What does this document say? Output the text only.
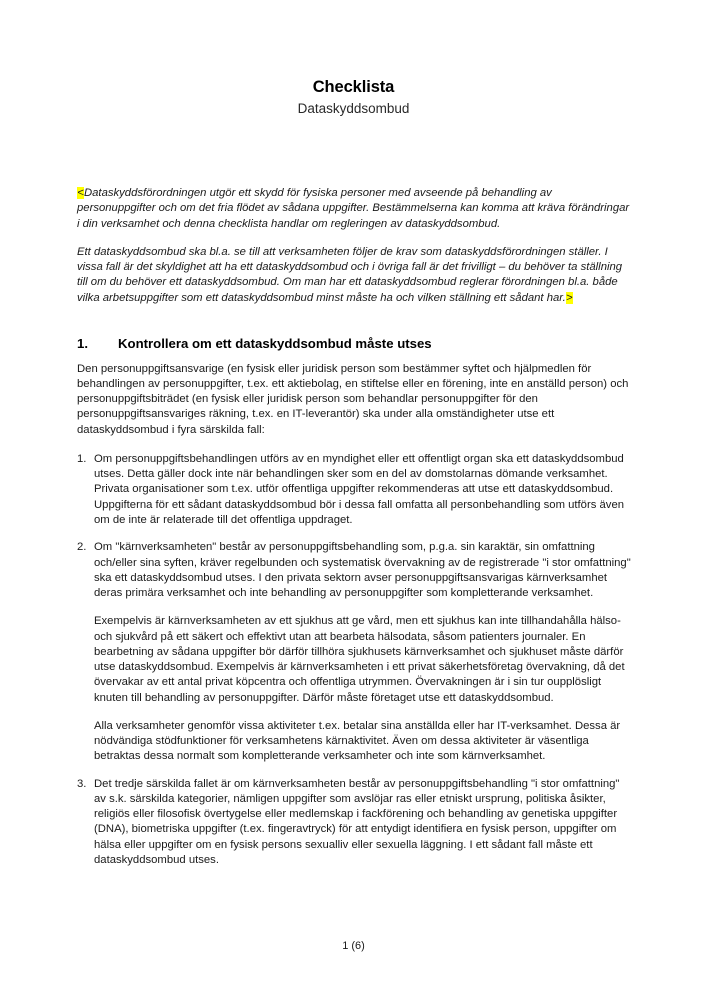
Checklista

Dataskyddsombud

<Dataskyddsförordningen utgör ett skydd för fysiska personer med avseende på behandling av personuppgifter och om det fria flödet av sådana uppgifter. Bestämmelserna kan komma att kräva förändringar i din verksamhet och denna checklista handlar om regleringen av dataskyddsombud.

Ett dataskyddsombud ska bl.a. se till att verksamheten följer de krav som dataskyddsförordningen ställer. I vissa fall är det skyldighet att ha ett dataskyddsombud och i övriga fall är det frivilligt – du behöver ta ställning till om du behöver ett dataskyddsombud. Om man har ett dataskyddsombud reglerar förordningen bl.a. både vilka arbetsuppgifter som ett dataskyddsombud minst måste ha och vilken ställning ett sådant har.>

1.	Kontrollera om ett dataskyddsombud måste utses

Den personuppgiftsansvarige (en fysisk eller juridisk person som bestämmer syftet och hjälpmedlen för behandlingen av personuppgifter, t.ex. ett aktiebolag, en stiftelse eller en förening, inte en anställd person) och personuppgiftsbiträdet (en fysisk eller juridisk person som behandlar personuppgifter för den personuppgiftsansvariges räkning, t.ex. en IT-leverantör) ska under alla omständigheter utse ett dataskyddsombud i fyra särskilda fall:

1. Om personuppgiftsbehandlingen utförs av en myndighet eller ett offentligt organ ska ett dataskyddsombud utses. Detta gäller dock inte när behandlingen sker som en del av domstolarnas dömande verksamhet. Privata organisationer som t.ex. utför offentliga uppgifter rekommenderas att utse ett dataskyddsombud. Uppgifterna för ett sådant dataskyddsombud bör i dessa fall omfatta all personbehandling som utförs även om de inte är relaterade till det offentliga uppdraget.

2. Om "kärnverksamheten" består av personuppgiftsbehandling som, p.g.a. sin karaktär, sin omfattning och/eller sina syften, kräver regelbunden och systematisk övervakning av de registrerade "i stor omfattning" ska ett dataskyddsombud utses. I den privata sektorn avser personuppgiftsansvarigas kärnverksamhet deras primära verksamhet och inte behandling av personuppgifter som kompletterande verksamhet.

Exempelvis är kärnverksamheten av ett sjukhus att ge vård, men ett sjukhus kan inte tillhandahålla hälso- och sjukvård på ett säkert och effektivt utan att bearbeta hälsodata, såsom patienters journaler. En bearbetning av sådana uppgifter bör därför tillhöra sjukhusets kärnverksamhet och sjukhuset måste därför utse dataskyddsombud. Exempelvis är kärnverksamheten i ett privat säkerhetsföretag övervakning, då det övervakar av ett antal privat köpcentra och offentliga utrymmen. Övervakningen är i sin tur oupplösligt knuten till behandling av personuppgifter. Därför måste företaget utse ett dataskyddsombud.

Alla verksamheter genomför vissa aktiviteter t.ex. betalar sina anställda eller har IT-verksamhet. Dessa är nödvändiga stödfunktioner för verksamhetens kärnaktivitet. Även om dessa aktiviteter är väsentliga betraktas dessa normalt som kompletterande verksamheter och inte som kärnverksamhet.

3. Det tredje särskilda fallet är om kärnverksamheten består av personuppgiftsbehandling "i stor omfattning" av s.k. särskilda kategorier, nämligen uppgifter som avslöjar ras eller etniskt ursprung, politiska åsikter, religiös eller filosofisk övertygelse eller medlemskap i fackförening och behandling av genetiska uppgifter (DNA), biometriska uppgifter (t.ex. fingeravtryck) för att entydigt identifiera en fysisk person, uppgifter om hälsa eller uppgifter om en fysisk persons sexualliv eller sexuella läggning. I ett sådant fall måste ett dataskyddsombud utses.

1 (6)
